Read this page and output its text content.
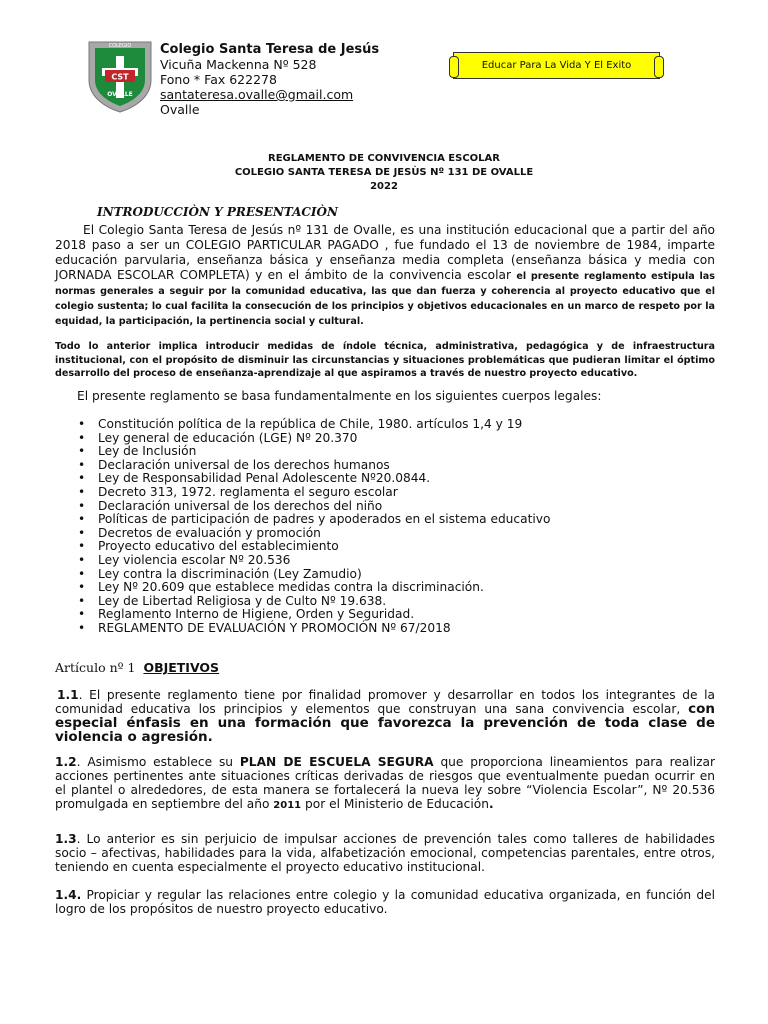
CST
COLEGIO
OVALLE
Colegio Santa Teresa de Jesús
Vicuña Mackenna Nº 528
Fono * Fax 622278
santateresa.ovalle@gmail.com
Ovalle
Educar Para La Vida Y El Exito
REGLAMENTO DE CONVIVENCIA ESCOLAR
COLEGIO SANTA TERESA DE JESÙS Nº 131 DE OVALLE
2022
INTRODUCCIÒN Y PRESENTACIÒN
El Colegio Santa Teresa de Jesús nº 131 de Ovalle, es una institución educacional que a partir del año 2018 paso a ser un COLEGIO PARTICULAR PAGADO , fue fundado el 13 de noviembre de 1984, imparte educación parvularia, enseñanza básica y enseñanza media completa (enseñanza básica y media con JORNADA ESCOLAR COMPLETA) y en el ámbito de la convivencia escolar el presente reglamento estipula las normas generales a seguir por la comunidad educativa, las que dan fuerza y coherencia al proyecto educativo que el colegio sustenta; lo cual facilita la consecución de los principios y objetivos educacionales en un marco de respeto por la equidad, la participación, la pertinencia social y cultural.
Todo lo anterior implica introducir medidas de índole técnica, administrativa, pedagógica y de infraestructura institucional, con el propósito de disminuir las circunstancias y situaciones problemáticas que pudieran limitar el óptimo desarrollo del proceso de enseñanza-aprendizaje al que aspiramos a través de nuestro proyecto educativo.
El presente reglamento se basa fundamentalmente en los siguientes cuerpos legales:
• Constitución política de la república de Chile, 1980. artículos 1,4 y 19
• Ley general de educación (LGE) Nº 20.370
• Ley de Inclusión
• Declaración universal de los derechos humanos
• Ley de Responsabilidad Penal Adolescente Nº20.0844.
• Decreto 313, 1972. reglamenta el seguro escolar
• Declaración universal de los derechos del niño
• Políticas de participación de padres y apoderados en el sistema educativo
• Decretos de evaluación y promoción
• Proyecto educativo del establecimiento
• Ley violencia escolar Nº 20.536
• Ley contra la discriminación (Ley Zamudio)
• Ley Nº 20.609 que establece medidas contra la discriminación.
• Ley de Libertad Religiosa y de Culto Nº 19.638.
• Reglamento Interno de Higiene, Orden y Seguridad.
• REGLAMENTO DE EVALUACIÓN Y PROMOCIÓN Nº 67/2018
Artículo nº 1 OBJETIVOS
1.1. El presente reglamento tiene por finalidad promover y desarrollar en todos los integrantes de la comunidad educativa los principios y elementos que construyan una sana convivencia escolar, con especial énfasis en una formación que favorezca la prevención de toda clase de violencia o agresión.
1.2. Asimismo establece su PLAN DE ESCUELA SEGURA que proporciona lineamientos para realizar acciones pertinentes ante situaciones críticas derivadas de riesgos que eventualmente puedan ocurrir en el plantel o alrededores, de esta manera se fortalecerá la nueva ley sobre “Violencia Escolar”, Nº 20.536 promulgada en septiembre del año 2011 por el Ministerio de Educación.
1.3. Lo anterior es sin perjuicio de impulsar acciones de prevención tales como talleres de habilidades socio – afectivas, habilidades para la vida, alfabetización emocional, competencias parentales, entre otros, teniendo en cuenta especialmente el proyecto educativo institucional.
1.4. Propiciar y regular las relaciones entre colegio y la comunidad educativa organizada, en función del logro de los propósitos de nuestro proyecto educativo.
